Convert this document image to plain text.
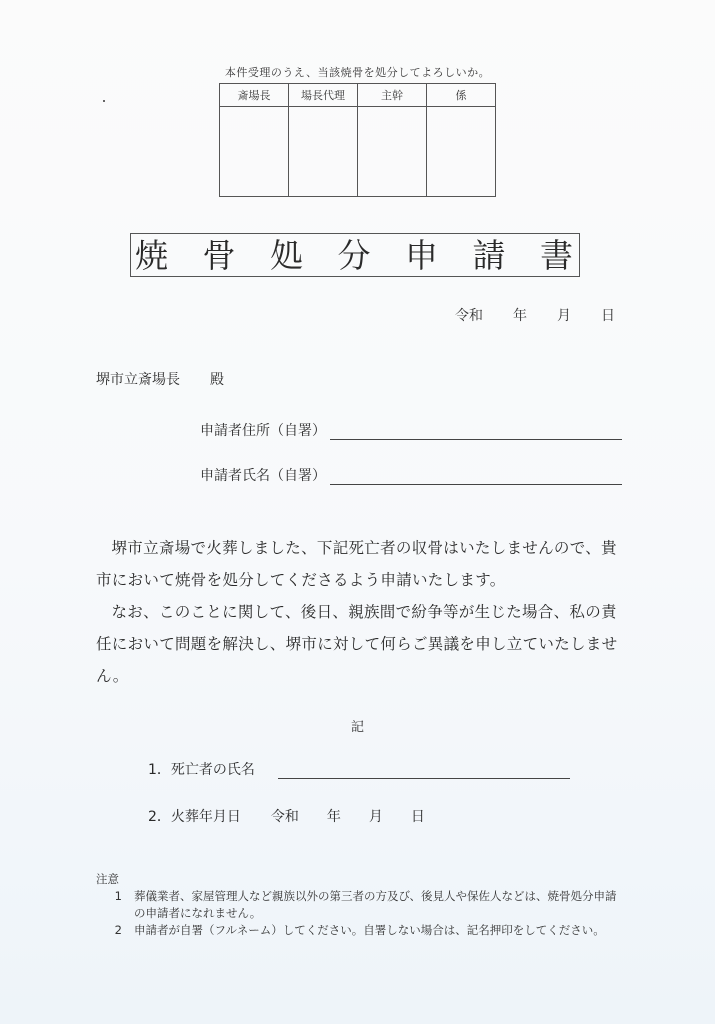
本件受理のうえ、当該焼骨を処分してよろしいか。
斎場長	場長代理	主幹	係

焼 骨 処 分 申 請 書
令和 年 月 日
堺市立斎場長 殿
申請者住所（自署）
申請者氏名（自署）

堺市立斎場で火葬しました、下記死亡者の収骨はいたしませんので、貴市において焼骨を処分してくださるよう申請いたします。

なお、このことに関して、後日、親族間で紛争等が生じた場合、私の責任において問題を解決し、堺市に対して何らご異議を申し立ていたしません。

記
1．死亡者の氏名
2．火葬年月日 令和 年 月 日
注意
1	葬儀業者、家屋管理人など親族以外の第三者の方及び、後見人や保佐人などは、焼骨処分申請の申請者になれません。
2	申請者が自署（フルネーム）してください。自署しない場合は、記名押印をしてください。
